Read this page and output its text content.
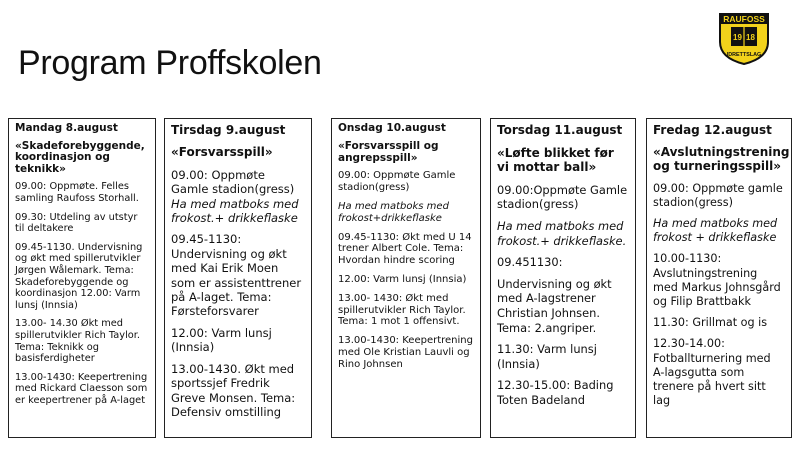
Program Proffskolen
RAUFOSS
19 18
IDRETTSLAG

Mandag 8.august

«Skadeforebyggende, koordinasjon og teknikk»

09.00: Oppmøte. Felles samling Raufoss Storhall.

09.30: Utdeling av utstyr til deltakere

09.45-1130. Undervisning og økt med spillerutvikler Jørgen Wålemark. Tema: Skadeforebyggende og koordinasjon 12.00: Varm lunsj (Innsia)

13.00- 14.30 Økt med spillerutvikler Rich Taylor. Tema: Teknikk og basisferdigheter

13.00-1430: Keepertrening med Rickard Claesson som er keepertrener på A-laget

Tirsdag 9.august

«Forsvarsspill»

09.00: Oppmøte Gamle stadion(gress) Ha med matboks med frokost.+ drikkeflaske

09.45-1130: Undervisning og økt med Kai Erik Moen som er assistenttrener på A-laget. Tema: Førsteforsvarer

12.00: Varm lunsj (Innsia)

13.00-1430. Økt med sportssjef Fredrik Greve Monsen. Tema: Defensiv omstilling

Onsdag 10.august

«Forsvarsspill og angrepsspill»

09.00: Oppmøte Gamle stadion(gress)

Ha med matboks med frokost+drikkeflaske

09.45-1130: Økt med U 14 trener Albert Cole. Tema: Hvordan hindre scoring

12.00: Varm lunsj (Innsia)

13.00- 1430: Økt med spillerutvikler Rich Taylor. Tema: 1 mot 1 offensivt.

13.00-1430: Keepertrening med Ole Kristian Lauvli og Rino Johnsen

Torsdag 11.august

«Løfte blikket før vi mottar ball»

09.00:Oppmøte Gamle stadion(gress)

Ha med matboks med frokost.+ drikkeflaske.

09.451130:

Undervisning og økt med A-lagstrener Christian Johnsen. Tema: 2.angriper.

11.30: Varm lunsj (Innsia)

12.30-15.00: Bading Toten Badeland

Fredag 12.august

«Avslutningstrening og turneringsspill»

09.00: Oppmøte gamle stadion(gress)

Ha med matboks med frokost + drikkeflaske

10.00-1130: Avslutningstrening med Markus Johnsgård og Filip Brattbakk

11.30: Grillmat og is

12.30-14.00: Fotballturnering med A-lagsgutta som trenere på hvert sitt lag
